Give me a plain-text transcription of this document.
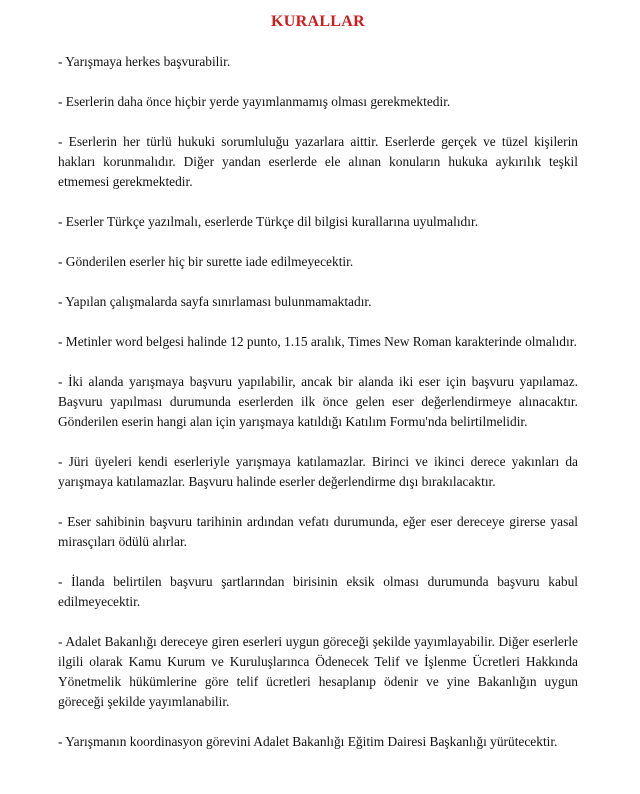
KURALLAR
- Yarışmaya herkes başvurabilir.
- Eserlerin daha önce hiçbir yerde yayımlanmamış olması gerekmektedir.
- Eserlerin her türlü hukuki sorumluluğu yazarlara aittir. Eserlerde gerçek ve tüzel kişilerin hakları korunmalıdır. Diğer yandan eserlerde ele alınan konuların hukuka aykırılık teşkil etmemesi gerekmektedir.
- Eserler Türkçe yazılmalı, eserlerde Türkçe dil bilgisi kurallarına uyulmalıdır.
- Gönderilen eserler hiç bir surette iade edilmeyecektir.
- Yapılan çalışmalarda sayfa sınırlaması bulunmamaktadır.
- Metinler word belgesi halinde 12 punto, 1.15 aralık, Times New Roman karakterinde olmalıdır.
- İki alanda yarışmaya başvuru yapılabilir, ancak bir alanda iki eser için başvuru yapılamaz. Başvuru yapılması durumunda eserlerden ilk önce gelen eser değerlendirmeye alınacaktır. Gönderilen eserin hangi alan için yarışmaya katıldığı Katılım Formu'nda belirtilmelidir.
- Jüri üyeleri kendi eserleriyle yarışmaya katılamazlar. Birinci ve ikinci derece yakınları da yarışmaya katılamazlar. Başvuru halinde eserler değerlendirme dışı bırakılacaktır.
- Eser sahibinin başvuru tarihinin ardından vefatı durumunda, eğer eser dereceye girerse yasal mirasçıları ödülü alırlar.
- İlanda belirtilen başvuru şartlarından birisinin eksik olması durumunda başvuru kabul edilmeyecektir.
- Adalet Bakanlığı dereceye giren eserleri uygun göreceği şekilde yayımlayabilir. Diğer eserlerle ilgili olarak Kamu Kurum ve Kuruluşlarınca Ödenecek Telif ve İşlenme Ücretleri Hakkında Yönetmelik hükümlerine göre telif ücretleri hesaplanıp ödenir ve yine Bakanlığın uygun göreceği şekilde yayımlanabilir.
- Yarışmanın koordinasyon görevini Adalet Bakanlığı Eğitim Dairesi Başkanlığı yürütecektir.
